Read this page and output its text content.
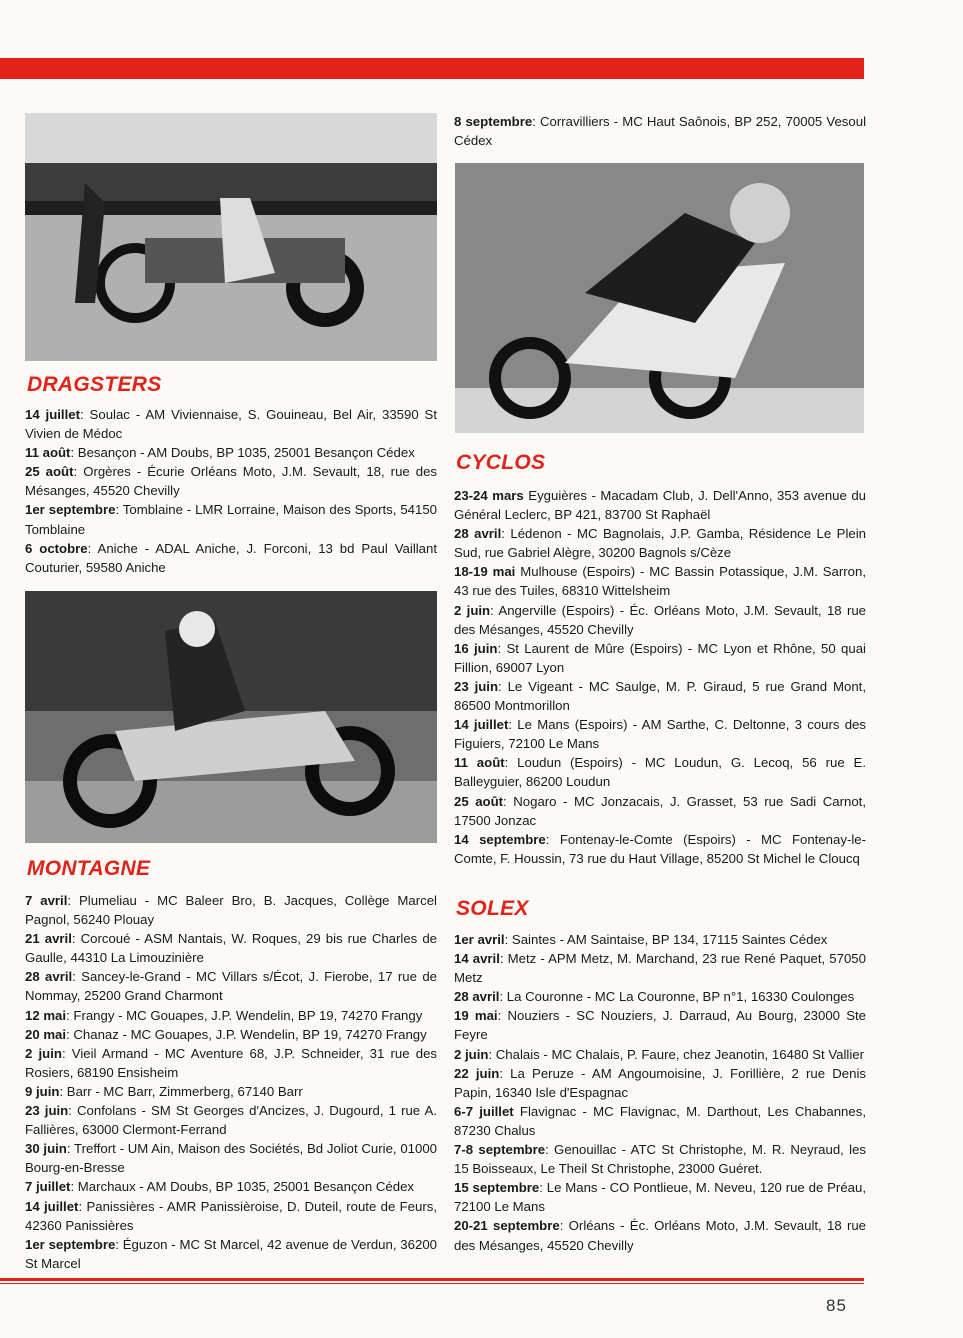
DRAGSTERS

14 juillet: Soulac - AM Viviennaise, S. Gouineau, Bel Air, 33590 St Vivien de Médoc

11 août: Besançon - AM Doubs, BP 1035, 25001 Besançon Cédex

25 août: Orgères - Écurie Orléans Moto, J.M. Sevault, 18, rue des Mésanges, 45520 Chevilly

1er septembre: Tomblaine - LMR Lorraine, Maison des Sports, 54150 Tomblaine

6 octobre: Aniche - ADAL Aniche, J. Forconi, 13 bd Paul Vaillant Couturier, 59580 Aniche

MONTAGNE

7 avril: Plumeliau - MC Baleer Bro, B. Jacques, Collège Marcel Pagnol, 56240 Plouay

21 avril: Corcoué - ASM Nantais, W. Roques, 29 bis rue Charles de Gaulle, 44310 La Limouzinière

28 avril: Sancey-le-Grand - MC Villars s/Écot, J. Fierobe, 17 rue de Nommay, 25200 Grand Charmont

12 mai: Frangy - MC Gouapes, J.P. Wendelin, BP 19, 74270 Frangy

20 mai: Chanaz - MC Gouapes, J.P. Wendelin, BP 19, 74270 Frangy

2 juin: Vieil Armand - MC Aventure 68, J.P. Schneider, 31 rue des Rosiers, 68190 Ensisheim

9 juin: Barr - MC Barr, Zimmerberg, 67140 Barr

23 juin: Confolans - SM St Georges d'Ancizes, J. Dugourd, 1 rue A. Fallières, 63000 Clermont-Ferrand

30 juin: Treffort - UM Ain, Maison des Sociétés, Bd Joliot Curie, 01000 Bourg-en-Bresse

7 juillet: Marchaux - AM Doubs, BP 1035, 25001 Besançon Cédex

14 juillet: Panissières - AMR Panissièroise, D. Duteil, route de Feurs, 42360 Panissières

1er septembre: Éguzon - MC St Marcel, 42 avenue de Verdun, 36200 St Marcel

8 septembre: Corravilliers - MC Haut Saônois, BP 252, 70005 Vesoul Cédex

CYCLOS

23-24 mars Eyguières - Macadam Club, J. Dell'Anno, 353 avenue du Général Leclerc, BP 421, 83700 St Raphaël

28 avril: Lédenon - MC Bagnolais, J.P. Gamba, Résidence Le Plein Sud, rue Gabriel Alègre, 30200 Bagnols s/Cèze

18-19 mai Mulhouse (Espoirs) - MC Bassin Potassique, J.M. Sarron, 43 rue des Tuiles, 68310 Wittelsheim

2 juin: Angerville (Espoirs) - Éc. Orléans Moto, J.M. Sevault, 18 rue des Mésanges, 45520 Chevilly

16 juin: St Laurent de Mûre (Espoirs) - MC Lyon et Rhône, 50 quai Fillion, 69007 Lyon

23 juin: Le Vigeant - MC Saulge, M. P. Giraud, 5 rue Grand Mont, 86500 Montmorillon

14 juillet: Le Mans (Espoirs) - AM Sarthe, C. Deltonne, 3 cours des Figuiers, 72100 Le Mans

11 août: Loudun (Espoirs) - MC Loudun, G. Lecoq, 56 rue E. Balleyguier, 86200 Loudun

25 août: Nogaro - MC Jonzacais, J. Grasset, 53 rue Sadi Carnot, 17500 Jonzac

14 septembre: Fontenay-le-Comte (Espoirs) - MC Fontenay-le-Comte, F. Houssin, 73 rue du Haut Village, 85200 St Michel le Cloucq

SOLEX

1er avril: Saintes - AM Saintaise, BP 134, 17115 Saintes Cédex

14 avril: Metz - APM Metz, M. Marchand, 23 rue René Paquet, 57050 Metz

28 avril: La Couronne - MC La Couronne, BP n°1, 16330 Coulonges

19 mai: Nouziers - SC Nouziers, J. Darraud, Au Bourg, 23000 Ste Feyre

2 juin: Chalais - MC Chalais, P. Faure, chez Jeanotin, 16480 St Vallier

22 juin: La Peruze - AM Angoumoisine, J. Forillière, 2 rue Denis Papin, 16340 Isle d'Espagnac

6-7 juillet Flavignac - MC Flavignac, M. Darthout, Les Chabannes, 87230 Chalus

7-8 septembre: Genouillac - ATC St Christophe, M. R. Neyraud, les 15 Boisseaux, Le Theil St Christophe, 23000 Guéret.

15 septembre: Le Mans - CO Pontlieue, M. Neveu, 120 rue de Préau, 72100 Le Mans

20-21 septembre: Orléans - Éc. Orléans Moto, J.M. Sevault, 18 rue des Mésanges, 45520 Chevilly

85
